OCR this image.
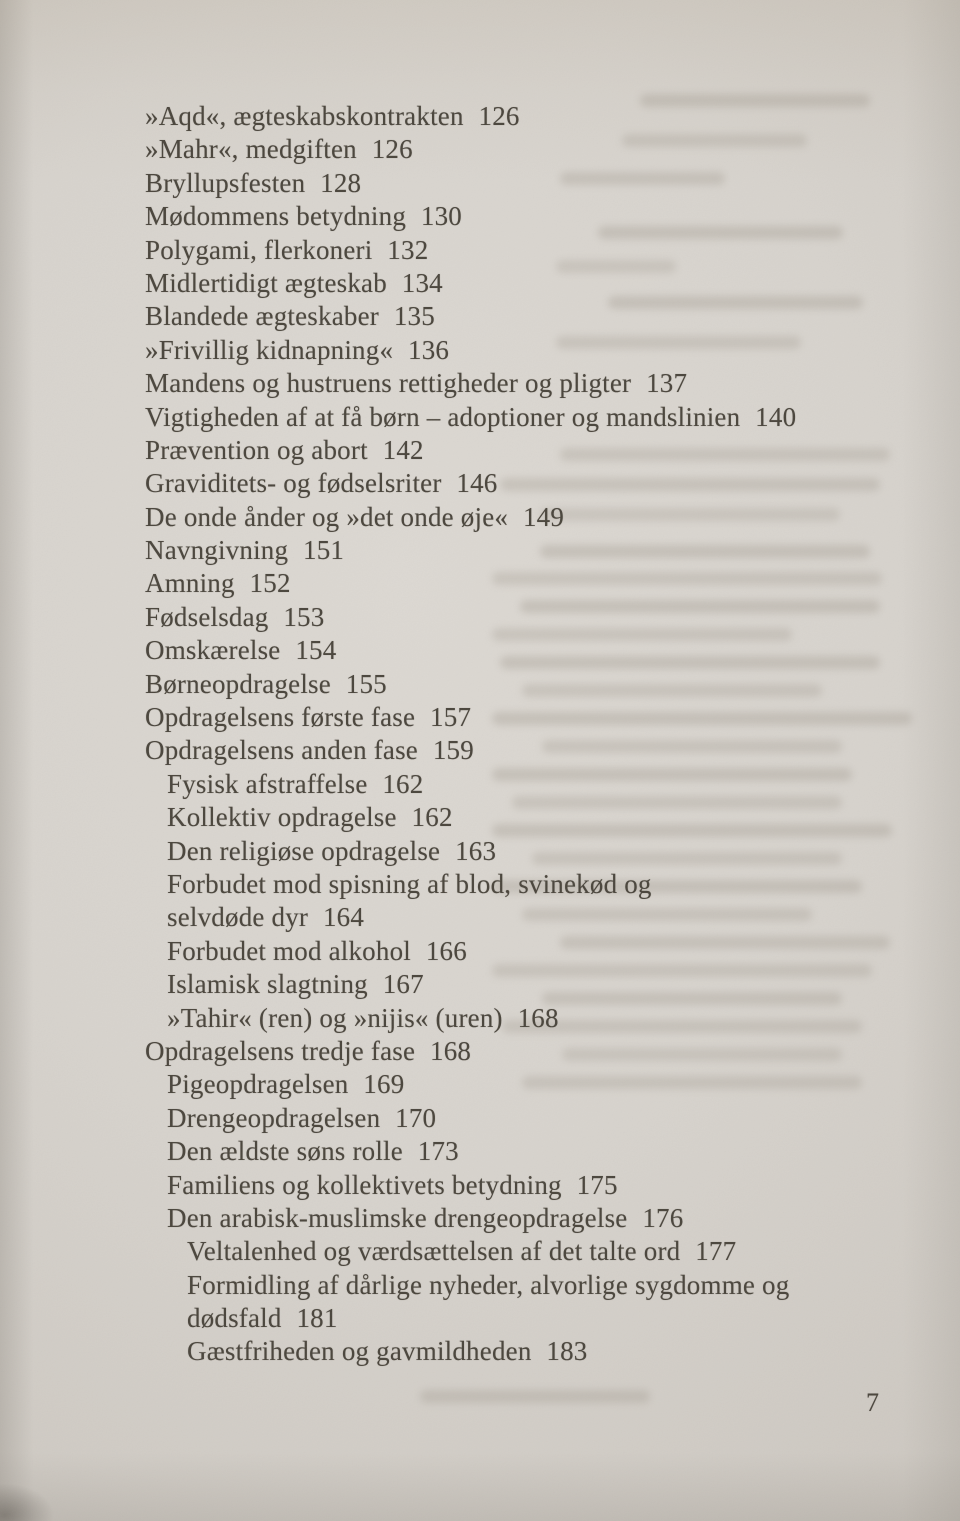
»Aqd«, ægteskabskontrakten 126
»Mahr«, medgiften 126
Bryllupsfesten 128
Mødommens betydning 130
Polygami, flerkoneri 132
Midlertidigt ægteskab 134
Blandede ægteskaber 135
»Frivillig kidnapning« 136
Mandens og hustruens rettigheder og pligter 137
Vigtigheden af at få børn – adoptioner og mandslinien 140
Prævention og abort 142
Graviditets- og fødselsriter 146
De onde ånder og »det onde øje« 149
Navngivning 151
Amning 152
Fødselsdag 153
Omskærelse 154
Børneopdragelse 155
Opdragelsens første fase 157
Opdragelsens anden fase 159
Fysisk afstraffelse 162
Kollektiv opdragelse 162
Den religiøse opdragelse 163
Forbudet mod spisning af blod, svinekød og
selvdøde dyr 164
Forbudet mod alkohol 166
Islamisk slagtning 167
»Tahir« (ren) og »nijis« (uren) 168
Opdragelsens tredje fase 168
Pigeopdragelsen 169
Drengeopdragelsen 170
Den ældste søns rolle 173
Familiens og kollektivets betydning 175
Den arabisk-muslimske drengeopdragelse 176
Veltalenhed og værdsættelsen af det talte ord 177
Formidling af dårlige nyheder, alvorlige sygdomme og
dødsfald 181
Gæstfriheden og gavmildheden 183
7
